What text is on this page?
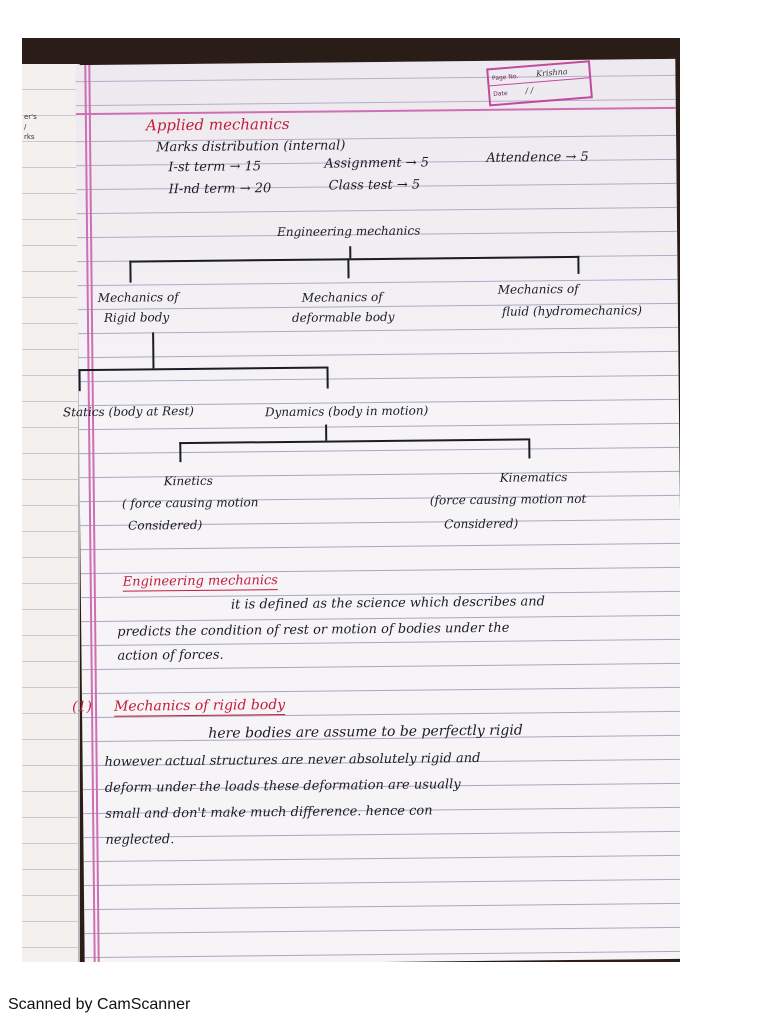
er's
/
rks
Page No. Krishna
Date / /
Applied mechanics
Marks distribution (internal)
I-st term → 15	Assignment → 5	Attendence → 5
II-nd term → 20	Class test → 5
Engineering mechanics
Mechanics of
Rigid body
Mechanics of
deformable body
Mechanics of
fluid (hydromechanics)
Statics (body at Rest)	Dynamics (body in motion)
Kinetics
( force causing motion
Considered)
Kinematics
(force causing motion not
Considered)
Engineering mechanics
it is defined as the science which describes and
predicts the condition of rest or motion of bodies under the
action of forces.
(1) Mechanics of rigid body
here bodies are assume to be perfectly rigid
however actual structures are never absolutely rigid and
deform under the loads these deformation are usually
small and don't make much difference. hence con
neglected.
Scanned by CamScanner
